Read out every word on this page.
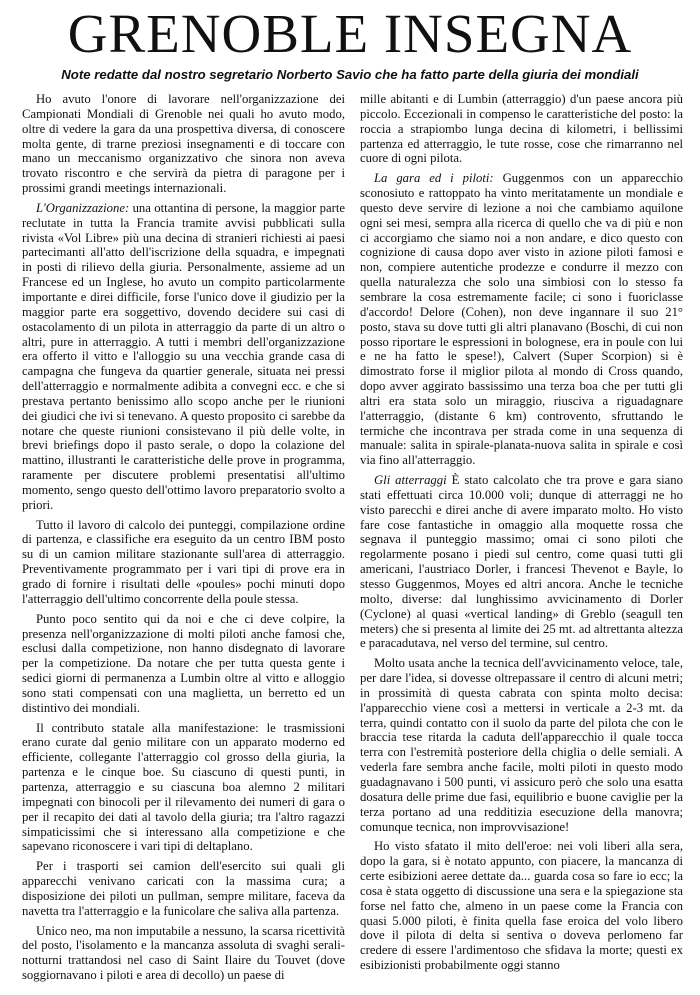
GRENOBLE INSEGNA

Note redatte dal nostro segretario Norberto Savio che ha fatto parte della giuria dei mondiali

Ho avuto l'onore di lavorare nell'organizzazione dei Campionati Mondiali di Grenoble nei quali ho avuto modo, oltre di vedere la gara da una prospettiva diversa, di conoscere molta gente, di trarne preziosi insegnamenti e di toccare con mano un meccanismo organizzativo che sinora non aveva trovato riscontro e che servirà da pietra di paragone per i prossimi grandi meetings internazionali.

L'Organizzazione: una ottantina di persone, la maggior parte reclutate in tutta la Francia tramite avvisi pubblicati sulla rivista «Vol Libre» più una decina di stranieri richiesti ai paesi partecimanti all'atto dell'iscrizione della squadra, e impegnati in posti di rilievo della giuria. Personalmente, assieme ad un Francese ed un Inglese, ho avuto un compito particolarmente importante e direi difficile, forse l'unico dove il giudizio per la maggior parte era soggettivo, dovendo decidere sui casi di ostacolamento di un pilota in atterraggio da parte di un altro o altri, pure in atterraggio. A tutti i membri dell'organizzazione era offerto il vitto e l'alloggio su una vecchia grande casa di campagna che fungeva da quartier generale, situata nei pressi dell'atterraggio e normalmente adibita a convegni ecc. e che si prestava pertanto benissimo allo scopo anche per le riunioni dei giudici che ivi si tenevano. A questo proposito ci sarebbe da notare che queste riunioni consistevano il più delle volte, in brevi briefings dopo il pasto serale, o dopo la colazione del mattino, illustranti le caratteristiche delle prove in programma, raramente per discutere problemi presentatisi all'ultimo momento, sengo questo dell'ottimo lavoro preparatorio svolto a priori.

Tutto il lavoro di calcolo dei punteggi, compilazione ordine di partenza, e classifiche era eseguito da un centro IBM posto su di un camion militare stazionante sull'area di atterraggio. Preventivamente programmato per i vari tipi di prove era in grado di fornire i risultati delle «poules» pochi minuti dopo l'atterraggio dell'ultimo concorrente della poule stessa.

Punto poco sentito qui da noi e che ci deve colpire, la presenza nell'organizzazione di molti piloti anche famosi che, esclusi dalla competizione, non hanno disdegnato di lavorare per la competizione. Da notare che per tutta questa gente i sedici giorni di permanenza a Lumbin oltre al vitto e alloggio sono stati compensati con una maglietta, un berretto ed un distintivo dei mondiali.

Il contributo statale alla manifestazione: le trasmissioni erano curate dal genio militare con un apparato moderno ed efficiente, collegante l'atterraggio col grosso della giuria, la partenza e le cinque boe. Su ciascuno di questi punti, in partenza, atterraggio e su ciascuna boa alemno 2 militari impegnati con binocoli per il rilevamento dei numeri di gara o per il recapito dei dati al tavolo della giuria; tra l'altro ragazzi simpaticissimi che si interessano alla competizione e che sapevano riconoscere i vari tipi di deltaplano.

Per i trasporti sei camion dell'esercito sui quali gli apparecchi venivano caricati con la massima cura; a disposizione dei piloti un pullman, sempre militare, faceva da navetta tra l'atterraggio e la funicolare che saliva alla partenza.

Unico neo, ma non imputabile a nessuno, la scarsa ricettività del posto, l'isolamento e la mancanza assoluta di svaghi serali-notturni trattandosi nel caso di Saint Ilaire du Touvet (dove soggiornavano i piloti e area di decollo) un paese di

mille abitanti e di Lumbin (atterraggio) d'un paese ancora più piccolo. Eccezionali in compenso le caratteristiche del posto: la roccia a strapiombo lunga decina di kilometri, i bellissimi partenza ed atterraggio, le tute rosse, cose che rimarranno nel cuore di ogni pilota.

La gara ed i piloti: Guggenmos con un apparecchio sconosiuto e rattoppato ha vinto meritatamente un mondiale e questo deve servire di lezione a noi che cambiamo aquilone ogni sei mesi, sempra alla ricerca di quello che va di più e non ci accorgiamo che siamo noi a non andare, e dico questo con cognizione di causa dopo aver visto in azione piloti famosi e non, compiere autentiche prodezze e condurre il mezzo con quella naturalezza che solo una simbiosi con lo stesso fa sembrare la cosa estremamente facile; ci sono i fuoriclasse d'accordo! Delore (Cohen), non deve ingannare il suo 21° posto, stava su dove tutti gli altri planavano (Boschi, di cui non posso riportare le espressioni in bolognese, era in poule con lui e ne ha fatto le spese!), Calvert (Super Scorpion) si è dimostrato forse il miglior pilota al mondo di Cross quando, dopo avver aggirato bassissimo una terza boa che per tutti gli altri era stata solo un miraggio, riusciva a riguadagnare l'atterraggio, (distante 6 km) controvento, sfruttando le termiche che incontrava per strada come in una sequenza di manuale: salita in spirale-planata-nuova salita in spirale e così via fino all'atterraggio.

Gli atterraggi È stato calcolato che tra prove e gara siano stati effettuati circa 10.000 voli; dunque di atterraggi ne ho visto parecchi e direi anche di avere imparato molto. Ho visto fare cose fantastiche in omaggio alla moquette rossa che segnava il punteggio massimo; omai ci sono piloti che regolarmente posano i piedi sul centro, come quasi tutti gli americani, l'austriaco Dorler, i francesi Thevenot e Bayle, lo stesso Guggenmos, Moyes ed altri ancora. Anche le tecniche molto, diverse: dal lunghissimo avvicinamento di Dorler (Cyclone) al quasi «vertical landing» di Greblo (seagull ten meters) che si presenta al limite dei 25 mt. ad altrettanta altezza e paracadutava, nel verso del termine, sul centro.

Molto usata anche la tecnica dell'avvicinamento veloce, tale, per dare l'idea, si dovesse oltrepassare il centro di alcuni metri; in prossimità di questa cabrata con spinta molto decisa: l'apparecchio viene così a mettersi in verticale a 2-3 mt. da terra, quindi contatto con il suolo da parte del pilota che con le braccia tese ritarda la caduta dell'apparecchio il quale tocca terra con l'estremità posteriore della chiglia o delle semiali. A vederla fare sembra anche facile, molti piloti in questo modo guadagnavano i 500 punti, vi assicuro però che solo una esatta dosatura delle prime due fasi, equilibrio e buone caviglie per la terza portano ad una redditizia esecuzione della manovra; comunque tecnica, non improvvisazione!

Ho visto sfatato il mito dell'eroe: nei voli liberi alla sera, dopo la gara, si è notato appunto, con piacere, la mancanza di certe esibizioni aeree dettate da... guarda cosa so fare io ecc; la cosa è stata oggetto di discussione una sera e la spiegazione sta forse nel fatto che, almeno in un paese come la Francia con quasi 5.000 piloti, è finita quella fase eroica del volo libero dove il pilota di delta si sentiva o doveva perlomeno far credere di essere l'ardimentoso che sfidava la morte; questi ex esibizionisti probabilmente oggi stanno
